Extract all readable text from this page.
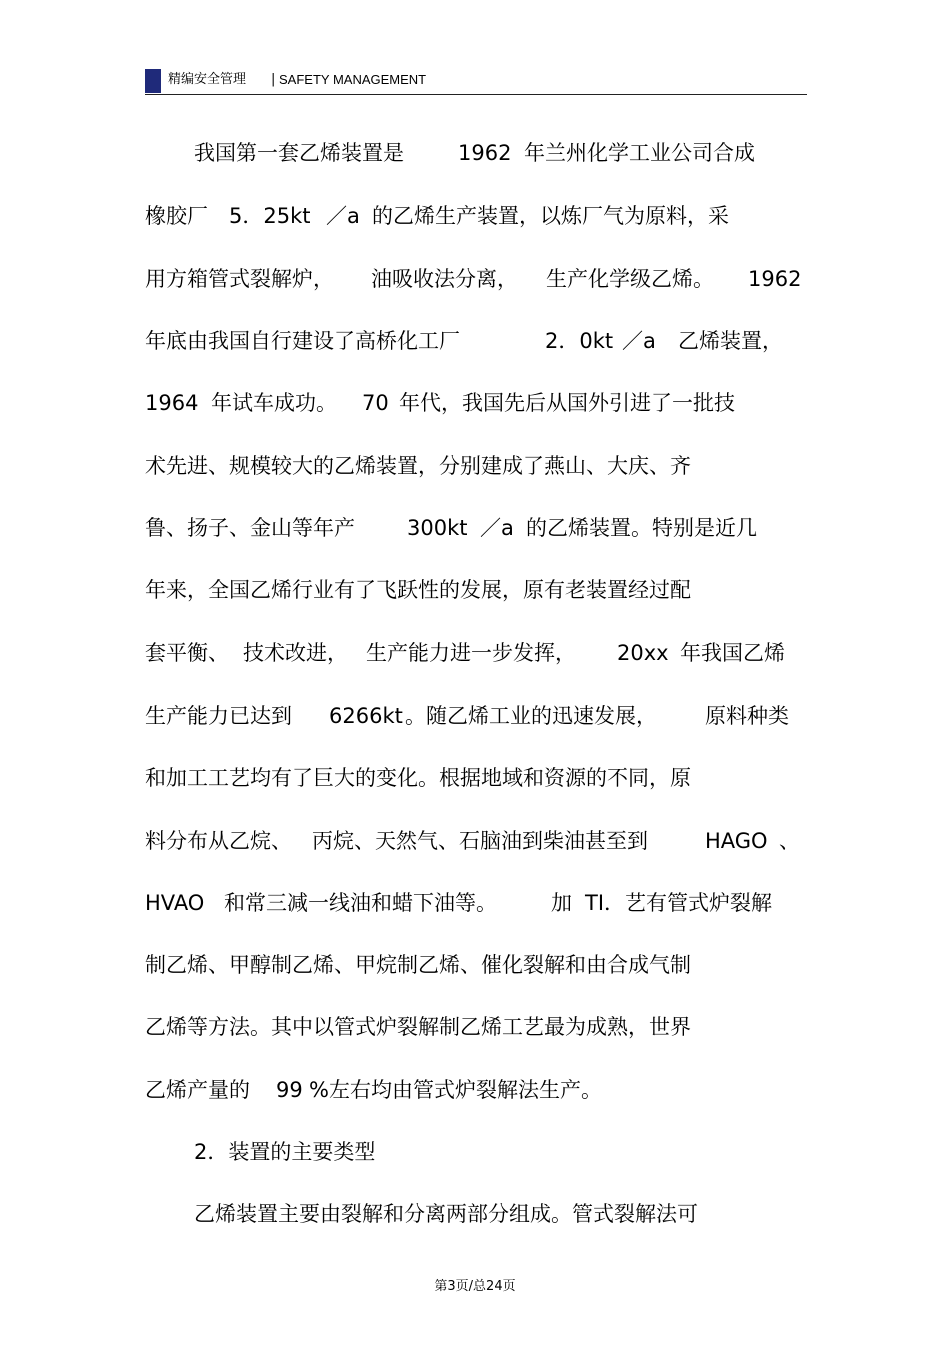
精编安全管理 | SAFETY MANAGEMENT
我国第一套乙烯装置是	1962 年兰州化学工业公司合成
橡胶厂 5．25kt ／a 的乙烯生产装置，以炼厂气为原料，采
用方箱管式裂解炉， 油吸收法分离， 生产化学级乙烯。 1962
年底由我国自行建设了高桥化工厂	2．0kt ／a 乙烯装置，
1964 年试车成功。 70 年代，我国先后从国外引进了一批技
术先进、规模较大的乙烯装置，分别建成了燕山、大庆、齐
鲁、扬子、金山等年产 300kt ／a 的乙烯装置。特别是近几
年来，全国乙烯行业有了飞跃性的发展，原有老装置经过配
套平衡、 技术改进， 生产能力进一步发挥， 20xx 年我国乙烯
生产能力已达到 6266kt 。随乙烯工业的迅速发展， 原料种类
和加工工艺均有了巨大的变化。根据地域和资源的不同，原
料分布从乙烷、 丙烷、天然气、石脑油到柴油甚至到	HAGO 、
HVAO 和常三减一线油和蜡下油等。	加 TI．艺有管式炉裂解
制乙烯、甲醇制乙烯、甲烷制乙烯、催化裂解和由合成气制
乙烯等方法。其中以管式炉裂解制乙烯工艺最为成熟，世界
乙烯产量的 99 %左右均由管式炉裂解法生产。
2．装置的主要类型
乙烯装置主要由裂解和分离两部分组成。管式裂解法可
第3页/总24页
